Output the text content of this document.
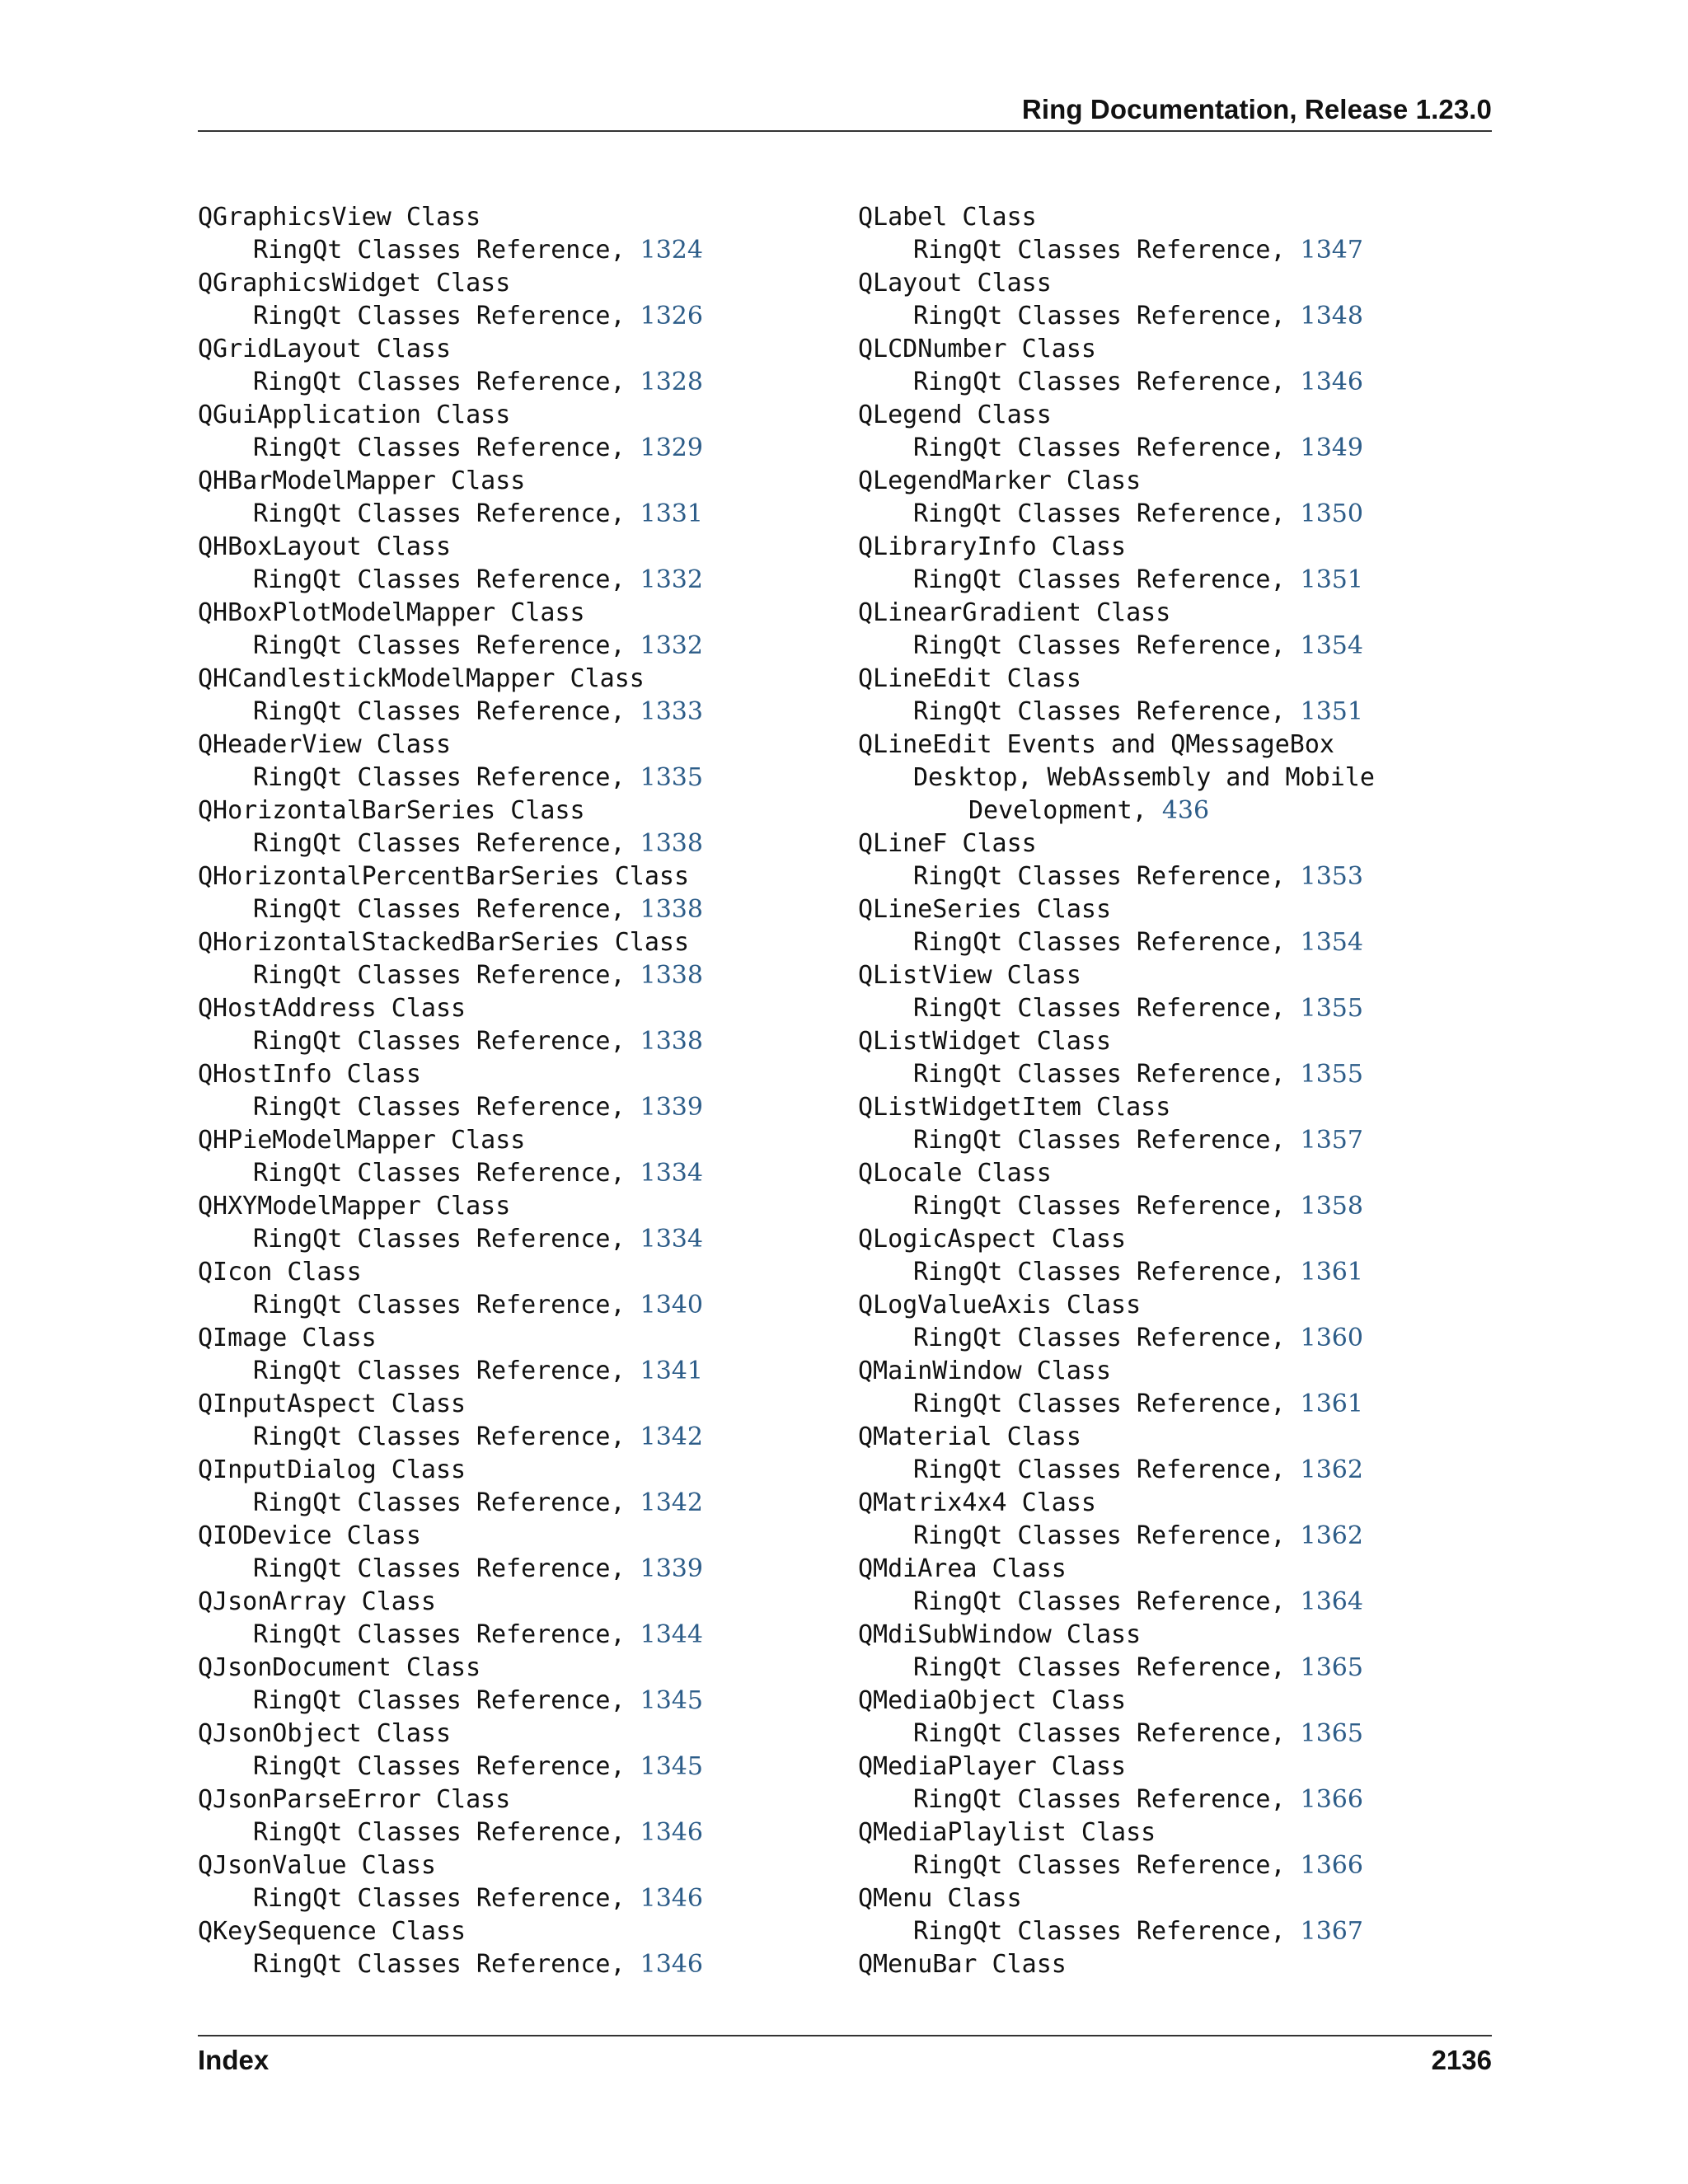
Ring Documentation, Release 1.23.0
QGraphicsView Class
RingQt Classes Reference, 1324
QGraphicsWidget Class
RingQt Classes Reference, 1326
QGridLayout Class
RingQt Classes Reference, 1328
QGuiApplication Class
RingQt Classes Reference, 1329
QHBarModelMapper Class
RingQt Classes Reference, 1331
QHBoxLayout Class
RingQt Classes Reference, 1332
QHBoxPlotModelMapper Class
RingQt Classes Reference, 1332
QHCandlestickModelMapper Class
RingQt Classes Reference, 1333
QHeaderView Class
RingQt Classes Reference, 1335
QHorizontalBarSeries Class
RingQt Classes Reference, 1338
QHorizontalPercentBarSeries Class
RingQt Classes Reference, 1338
QHorizontalStackedBarSeries Class
RingQt Classes Reference, 1338
QHostAddress Class
RingQt Classes Reference, 1338
QHostInfo Class
RingQt Classes Reference, 1339
QHPieModelMapper Class
RingQt Classes Reference, 1334
QHXYModelMapper Class
RingQt Classes Reference, 1334
QIcon Class
RingQt Classes Reference, 1340
QImage Class
RingQt Classes Reference, 1341
QInputAspect Class
RingQt Classes Reference, 1342
QInputDialog Class
RingQt Classes Reference, 1342
QIODevice Class
RingQt Classes Reference, 1339
QJsonArray Class
RingQt Classes Reference, 1344
QJsonDocument Class
RingQt Classes Reference, 1345
QJsonObject Class
RingQt Classes Reference, 1345
QJsonParseError Class
RingQt Classes Reference, 1346
QJsonValue Class
RingQt Classes Reference, 1346
QKeySequence Class
RingQt Classes Reference, 1346
QLabel Class
RingQt Classes Reference, 1347
QLayout Class
RingQt Classes Reference, 1348
QLCDNumber Class
RingQt Classes Reference, 1346
QLegend Class
RingQt Classes Reference, 1349
QLegendMarker Class
RingQt Classes Reference, 1350
QLibraryInfo Class
RingQt Classes Reference, 1351
QLinearGradient Class
RingQt Classes Reference, 1354
QLineEdit Class
RingQt Classes Reference, 1351
QLineEdit Events and QMessageBox
Desktop, WebAssembly and Mobile
Development, 436
QLineF Class
RingQt Classes Reference, 1353
QLineSeries Class
RingQt Classes Reference, 1354
QListView Class
RingQt Classes Reference, 1355
QListWidget Class
RingQt Classes Reference, 1355
QListWidgetItem Class
RingQt Classes Reference, 1357
QLocale Class
RingQt Classes Reference, 1358
QLogicAspect Class
RingQt Classes Reference, 1361
QLogValueAxis Class
RingQt Classes Reference, 1360
QMainWindow Class
RingQt Classes Reference, 1361
QMaterial Class
RingQt Classes Reference, 1362
QMatrix4x4 Class
RingQt Classes Reference, 1362
QMdiArea Class
RingQt Classes Reference, 1364
QMdiSubWindow Class
RingQt Classes Reference, 1365
QMediaObject Class
RingQt Classes Reference, 1365
QMediaPlayer Class
RingQt Classes Reference, 1366
QMediaPlaylist Class
RingQt Classes Reference, 1366
QMenu Class
RingQt Classes Reference, 1367
QMenuBar Class
Index	2136
